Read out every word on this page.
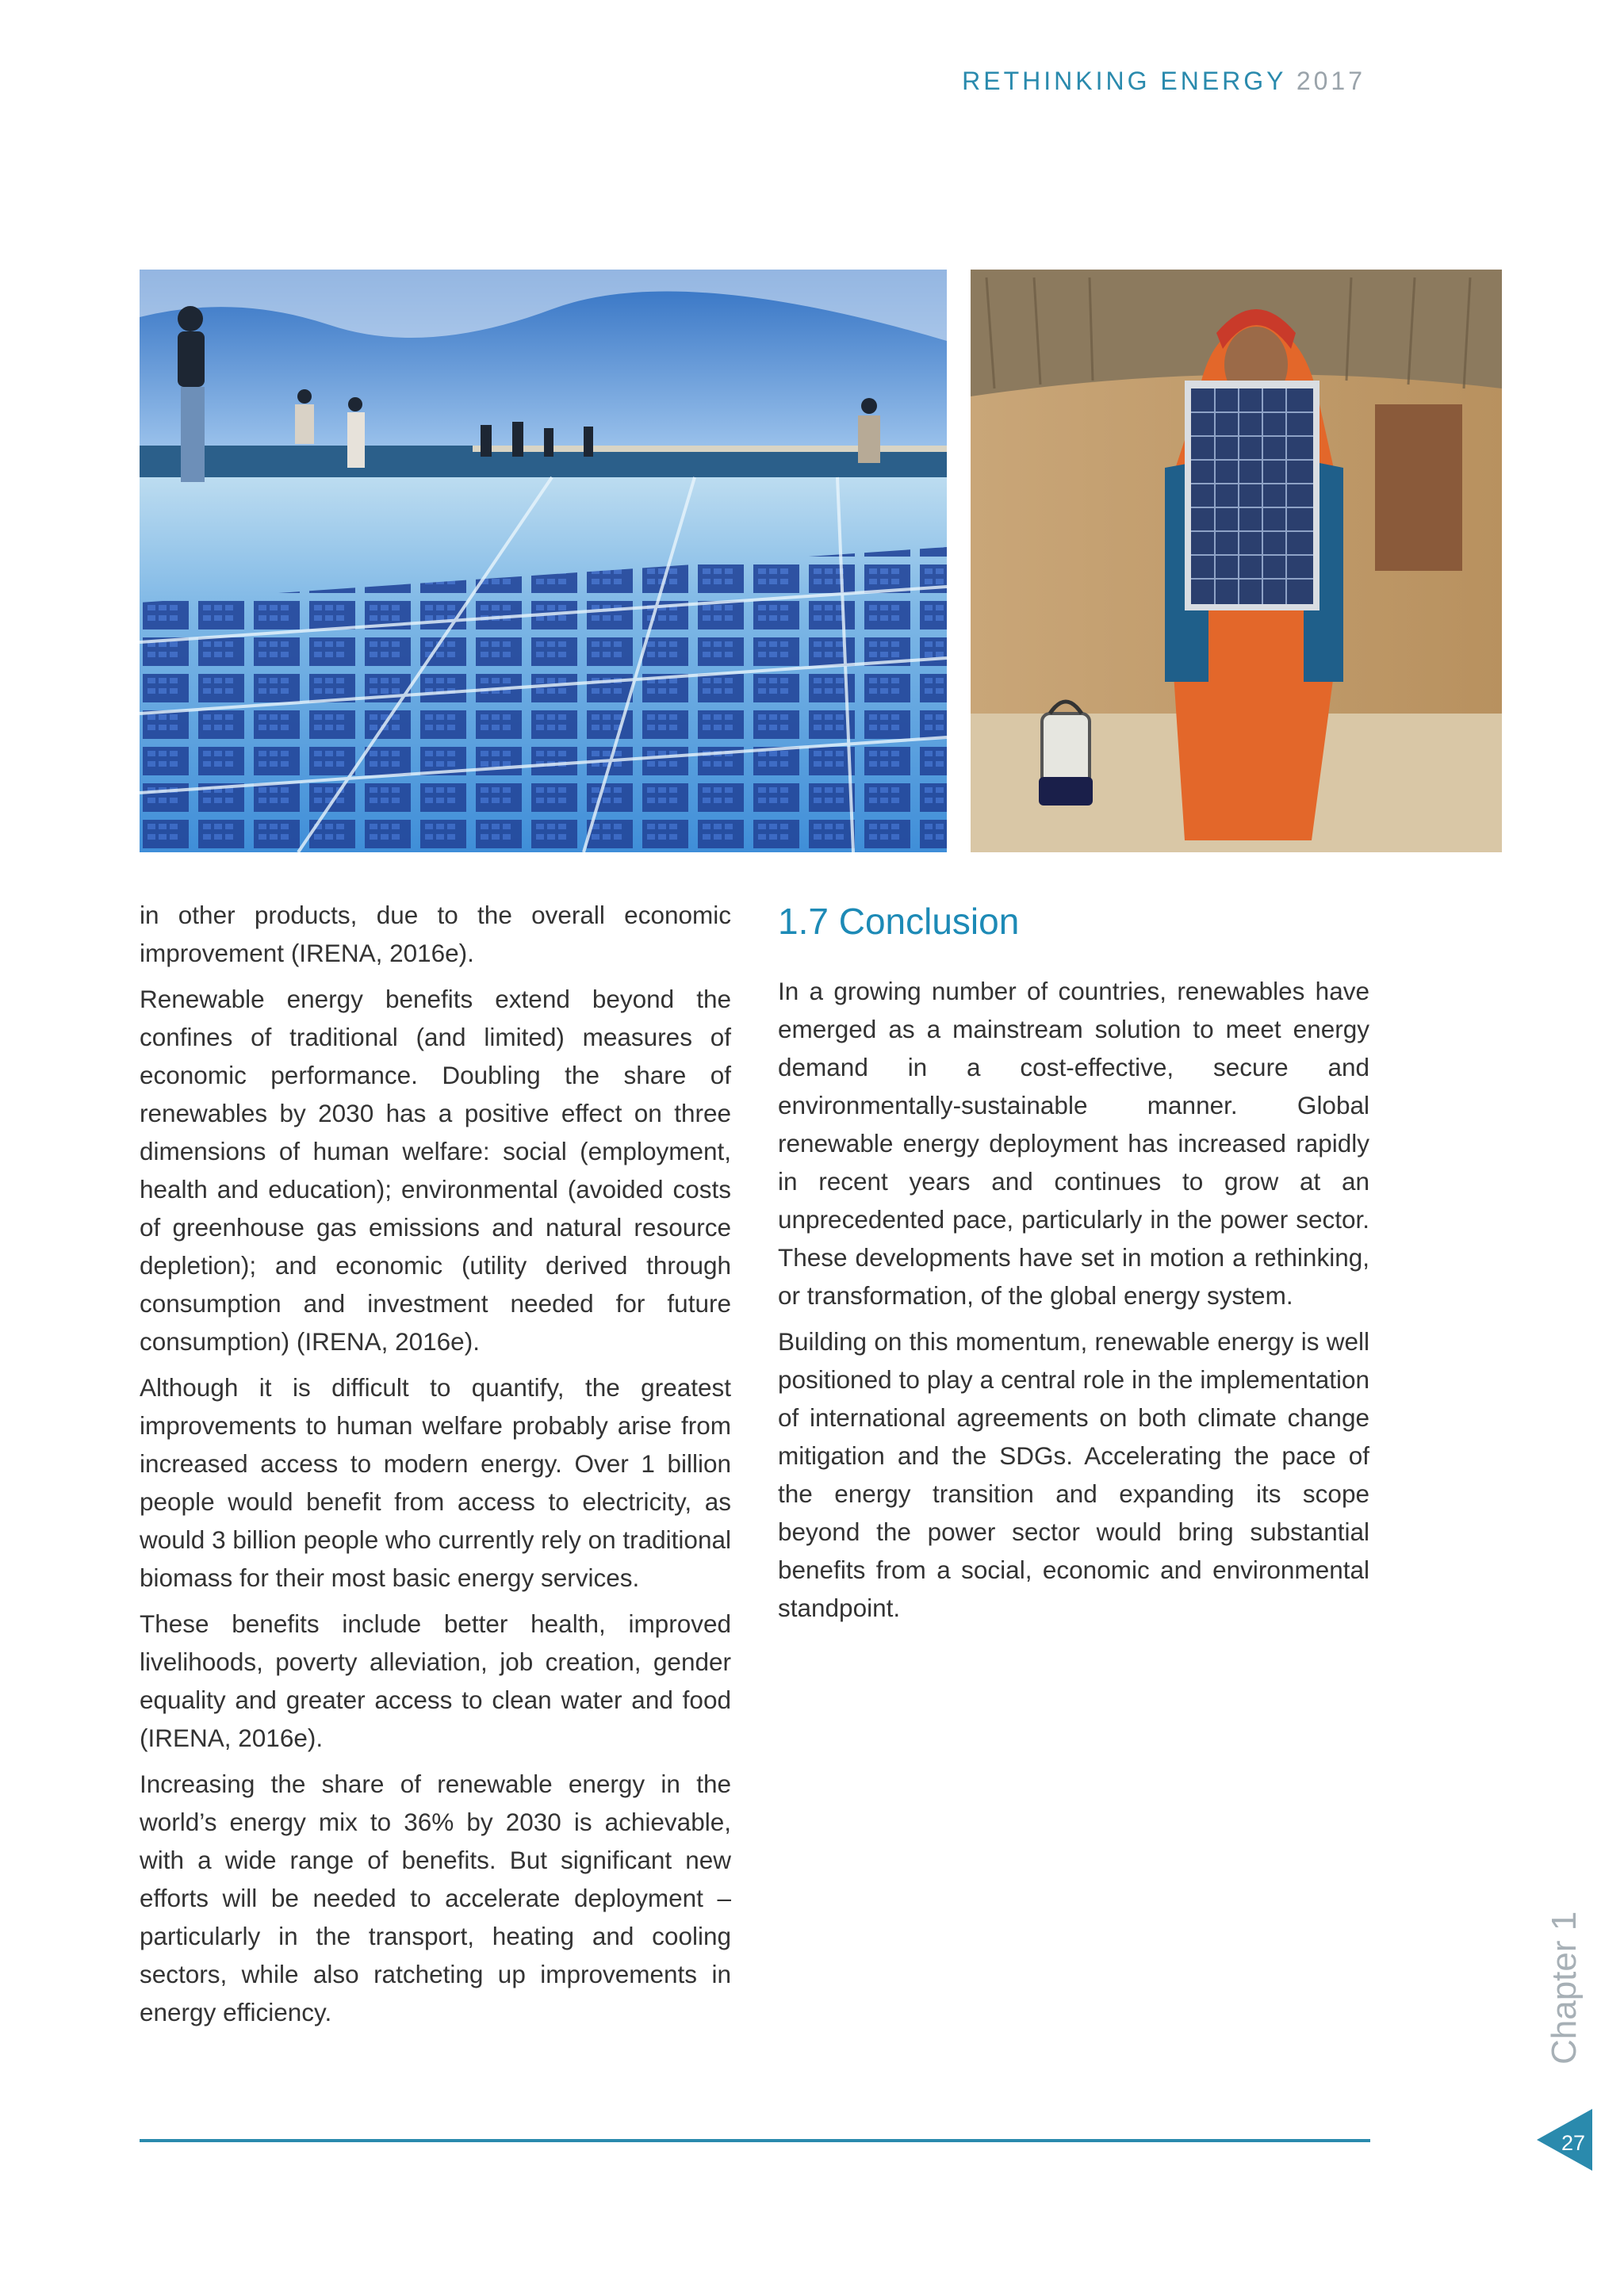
RETHINKING ENERGY 2017

in other products, due to the overall economic improvement (IRENA, 2016e).

Renewable energy benefits extend beyond the confines of traditional (and limited) measures of economic performance. Doubling the share of renewables by 2030 has a positive effect on three dimensions of human welfare: social (employment, health and education); environmental (avoided costs of greenhouse gas emissions and natural resource depletion); and economic (utility derived through consumption and investment needed for future consumption) (IRENA, 2016e).

Although it is difficult to quantify, the greatest improvements to human welfare probably arise from increased access to modern energy. Over 1 billion people would benefit from access to electricity, as would 3 billion people who currently rely on traditional biomass for their most basic energy services.

These benefits include better health, improved livelihoods, poverty alleviation, job creation, gender equality and greater access to clean water and food (IRENA, 2016e).

Increasing the share of renewable energy in the world’s energy mix to 36% by 2030 is achievable, with a wide range of benefits. But significant new efforts will be needed to accelerate deployment – particularly in the transport, heating and cooling sectors, while also ratcheting up improvements in energy efficiency.

1.7 Conclusion

In a growing number of countries, renewables have emerged as a mainstream solution to meet energy demand in a cost-effective, secure and environmentally-sustainable manner. Global renewable energy deployment has increased rapidly in recent years and continues to grow at an unprecedented pace, particularly in the power sector. These developments have set in motion a rethinking, or transformation, of the global energy system.

Building on this momentum, renewable energy is well positioned to play a central role in the implementation of international agreements on both climate change mitigation and the SDGs. Accelerating the pace of the energy transition and expanding its scope beyond the power sector would bring substantial benefits from a social, economic and environmental standpoint.

Chapter 1
27
